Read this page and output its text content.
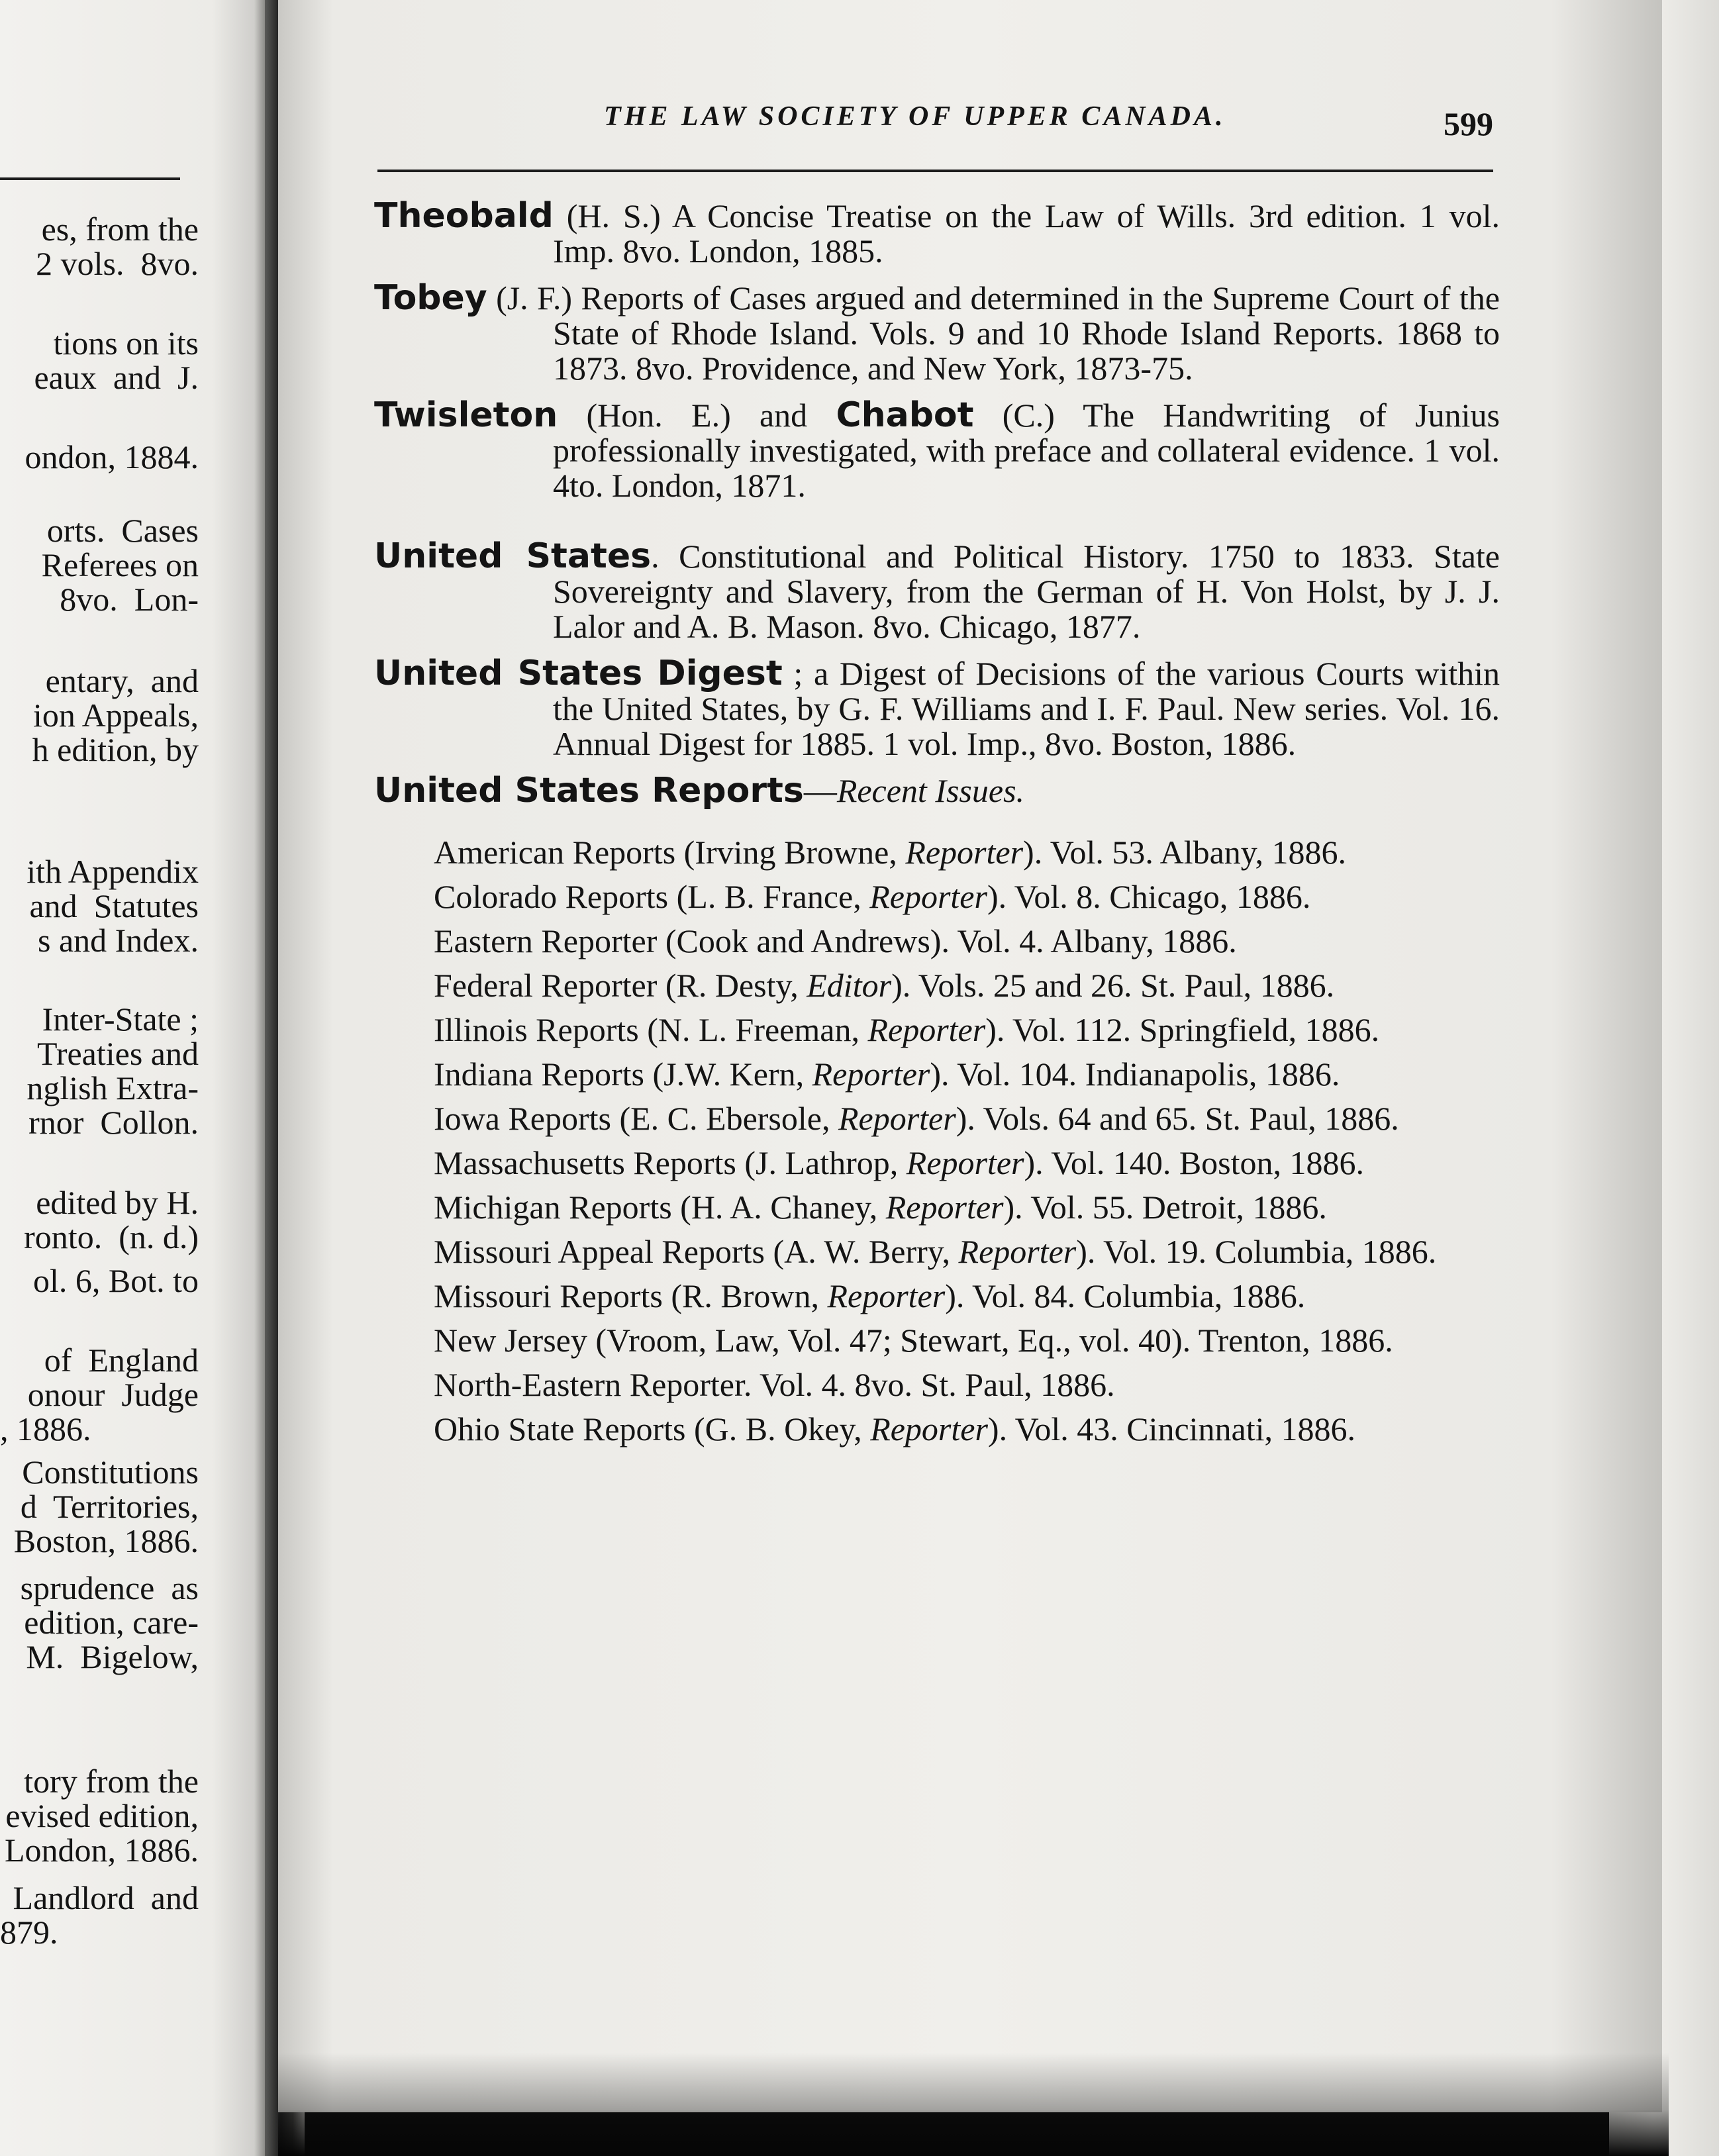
es, from the
2 vols.  8vo.
tions on its
eaux  and  J.
ondon, 1884.
orts.  Cases
Referees on
8vo.  Lon-
entary,  and
ion Appeals,
h edition, by
ith Appendix
and  Statutes
s and Index.
Inter-State ;
Treaties and
nglish Extra-
rnor  Collon.
edited by H.
ronto.  (n. d.)
ol. 6, Bot. to
of  England
onour  Judge
, 1886.
Constitutions
d  Territories,
Boston, 1886.
sprudence  as
edition, care-
M.  Bigelow,
tory from the
evised edition,
London, 1886.
Landlord  and
879.
THE LAW SOCIETY OF UPPER CANADA.	599
Theobald (H. S.) A Concise Treatise on the Law of Wills. 3rd edition. 1 vol. Imp. 8vo. London, 1885.
Tobey (J. F.) Reports of Cases argued and determined in the Supreme Court of the State of Rhode Island. Vols. 9 and 10 Rhode Island Reports. 1868 to 1873. 8vo. Providence, and New York, 1873-75.
Twisleton (Hon. E.) and Chabot (C.) The Handwriting of Junius professionally investigated, with preface and collateral evidence. 1 vol. 4to. London, 1871.
United States. Constitutional and Political History. 1750 to 1833. State Sovereignty and Slavery, from the German of H. Von Holst, by J. J. Lalor and A. B. Mason. 8vo. Chicago, 1877.
United States Digest ; a Digest of Decisions of the various Courts within the United States, by G. F. Williams and I. F. Paul. New series. Vol. 16. Annual Digest for 1885. 1 vol. Imp., 8vo. Boston, 1886.
United States Reports—Recent Issues.
American Reports (Irving Browne, Reporter). Vol. 53. Albany, 1886.
Colorado Reports (L. B. France, Reporter). Vol. 8. Chicago, 1886.
Eastern Reporter (Cook and Andrews). Vol. 4. Albany, 1886.
Federal Reporter (R. Desty, Editor). Vols. 25 and 26. St. Paul, 1886.
Illinois Reports (N. L. Freeman, Reporter). Vol. 112. Springfield, 1886.
Indiana Reports (J.W. Kern, Reporter). Vol. 104. Indianapolis, 1886.
Iowa Reports (E. C. Ebersole, Reporter). Vols. 64 and 65. St. Paul, 1886.
Massachusetts Reports (J. Lathrop, Reporter). Vol. 140. Boston, 1886.
Michigan Reports (H. A. Chaney, Reporter). Vol. 55. Detroit, 1886.
Missouri Appeal Reports (A. W. Berry, Reporter). Vol. 19. Columbia, 1886.
Missouri Reports (R. Brown, Reporter). Vol. 84. Columbia, 1886.
New Jersey (Vroom, Law, Vol. 47; Stewart, Eq., vol. 40). Trenton, 1886.
North-Eastern Reporter. Vol. 4. 8vo. St. Paul, 1886.
Ohio State Reports (G. B. Okey, Reporter). Vol. 43. Cincinnati, 1886.
